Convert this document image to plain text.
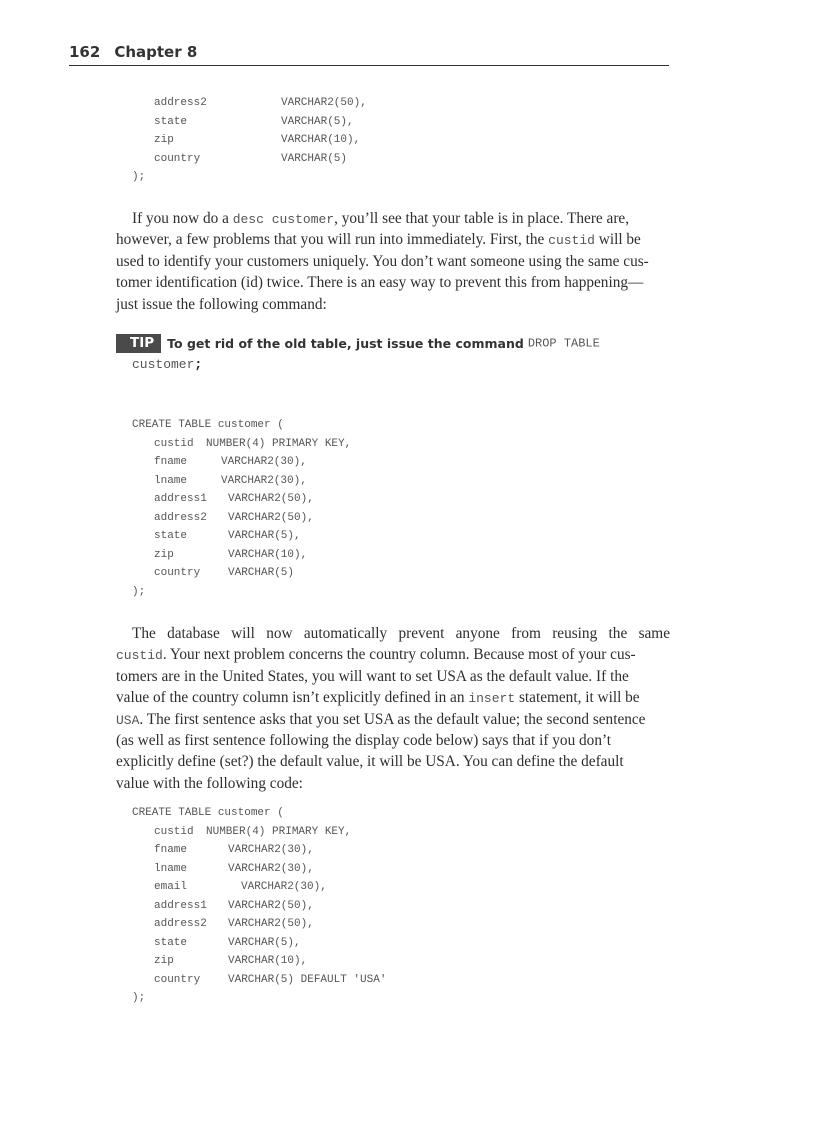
162 Chapter 8
address2	VARCHAR2(50),
state	VARCHAR(5),
zip	VARCHAR(10),
country	VARCHAR(5)
);
If you now do a desc customer, you’ll see that your table is in place. There are,
however, a few problems that you will run into immediately. First, the custid will be
used to identify your customers uniquely. You don’t want someone using the same cus-
tomer identification (id) twice. There is an easy way to prevent this from happening—
just issue the following command:
TIP To get rid of the old table, just issue the command DROP TABLE
customer;
CREATE TABLE customer (
custid NUMBER(4) PRIMARY KEY,
fname	VARCHAR2(30),
lname	VARCHAR2(30),
address1 VARCHAR2(50),
address2 VARCHAR2(50),
state	VARCHAR(5),
zip	VARCHAR(10),
country	VARCHAR(5)
);
The database will now automatically prevent anyone from reusing the same
custid. Your next problem concerns the country column. Because most of your cus-
tomers are in the United States, you will want to set USA as the default value. If the
value of the country column isn’t explicitly defined in an insert statement, it will be
USA. The first sentence asks that you set USA as the default value; the second sentence
(as well as first sentence following the display code below) says that if you don’t
explicitly define (set?) the default value, it will be USA. You can define the default
value with the following code:
CREATE TABLE customer (
custid NUMBER(4) PRIMARY KEY,
fname	VARCHAR2(30),
lname	VARCHAR2(30),
email	VARCHAR2(30),
address1 VARCHAR2(50),
address2 VARCHAR2(50),
state	VARCHAR(5),
zip	VARCHAR(10),
country	VARCHAR(5) DEFAULT 'USA'
);
